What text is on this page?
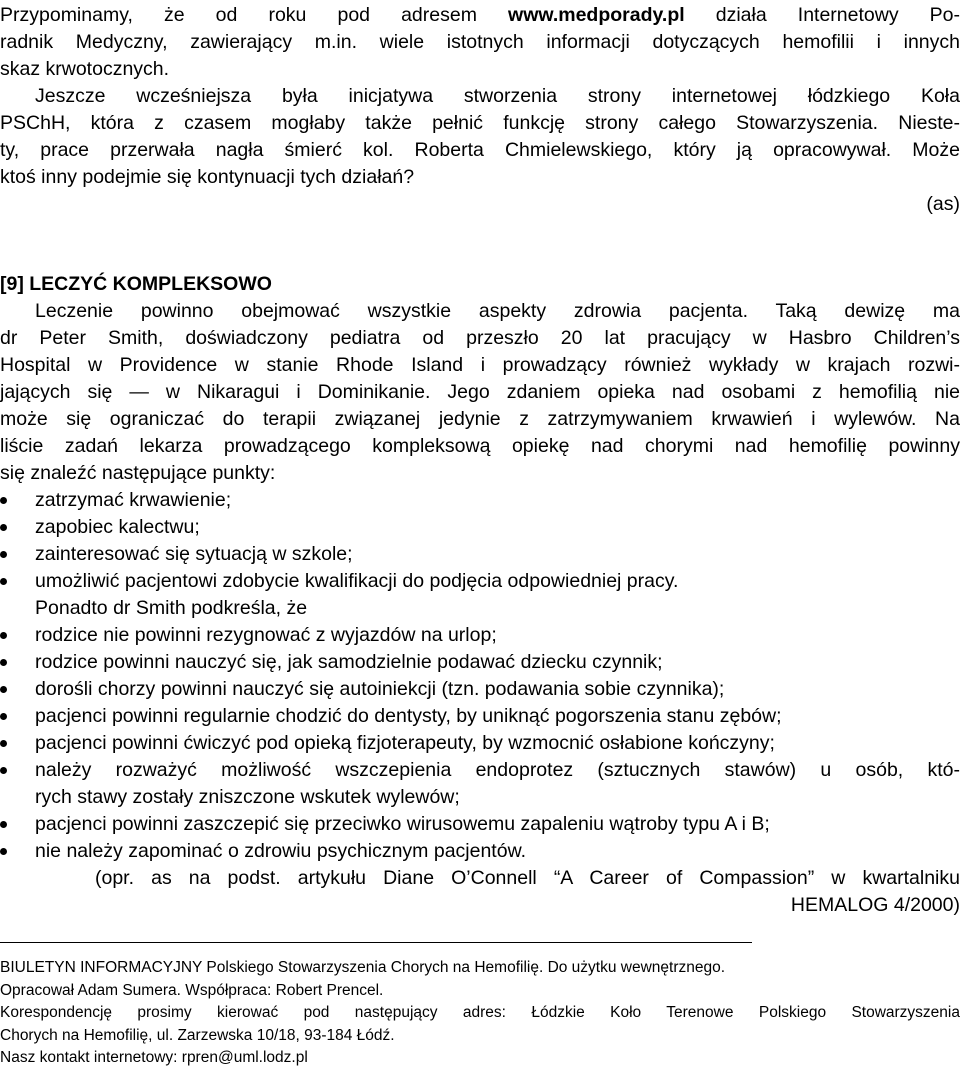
Przypominamy, że od roku pod adresem www.medporady.pl działa Internetowy Po-
radnik Medyczny, zawierający m.in. wiele istotnych informacji dotyczących hemofilii i innych
skaz krwotocznych.
Jeszcze wcześniejsza była inicjatywa stworzenia strony internetowej łódzkiego Koła
PSChH, która z czasem mogłaby także pełnić funkcję strony całego Stowarzyszenia. Nieste-
ty, prace przerwała nagła śmierć kol. Roberta Chmielewskiego, który ją opracowywał. Może
ktoś inny podejmie się kontynuacji tych działań?
(as)
[9] LECZYĆ KOMPLEKSOWO
Leczenie powinno obejmować wszystkie aspekty zdrowia pacjenta. Taką dewizę ma
dr Peter Smith, doświadczony pediatra od przeszło 20 lat pracujący w Hasbro Children’s
Hospital w Providence w stanie Rhode Island i prowadzący również wykłady w krajach rozwi-
jających się — w Nikaragui i Dominikanie. Jego zdaniem opieka nad osobami z hemofilią nie
może się ograniczać do terapii związanej jedynie z zatrzymywaniem krwawień i wylewów. Na
liście zadań lekarza prowadzącego kompleksową opiekę nad chorymi nad hemofilię powinny
się znaleźć następujące punkty:
zatrzymać krwawienie;
zapobiec kalectwu;
zainteresować się sytuacją w szkole;
umożliwić pacjentowi zdobycie kwalifikacji do podjęcia odpowiedniej pracy.
Ponadto dr Smith podkreśla, że
rodzice nie powinni rezygnować z wyjazdów na urlop;
rodzice powinni nauczyć się, jak samodzielnie podawać dziecku czynnik;
dorośli chorzy powinni nauczyć się autoiniekcji (tzn. podawania sobie czynnika);
pacjenci powinni regularnie chodzić do dentysty, by uniknąć pogorszenia stanu zębów;
pacjenci powinni ćwiczyć pod opieką fizjoterapeuty, by wzmocnić osłabione kończyny;
należy rozważyć możliwość wszczepienia endoprotez (sztucznych stawów) u osób, któ-
rych stawy zostały zniszczone wskutek wylewów;
pacjenci powinni zaszczepić się przeciwko wirusowemu zapaleniu wątroby typu A i B;
nie należy zapominać o zdrowiu psychicznym pacjentów.
(opr. as na podst. artykułu Diane O’Connell “A Career of Compassion” w kwartalniku
HEMALOG 4/2000)
BIULETYN INFORMACYJNY Polskiego Stowarzyszenia Chorych na Hemofilię. Do użytku wewnętrznego.
Opracował Adam Sumera. Współpraca: Robert Prencel.
Korespondencję prosimy kierować pod następujący adres: Łódzkie Koło Terenowe Polskiego Stowarzyszenia
Chorych na Hemofilię, ul. Zarzewska 10/18, 93-184 Łódź.
Nasz kontakt internetowy: rpren@uml.lodz.pl
